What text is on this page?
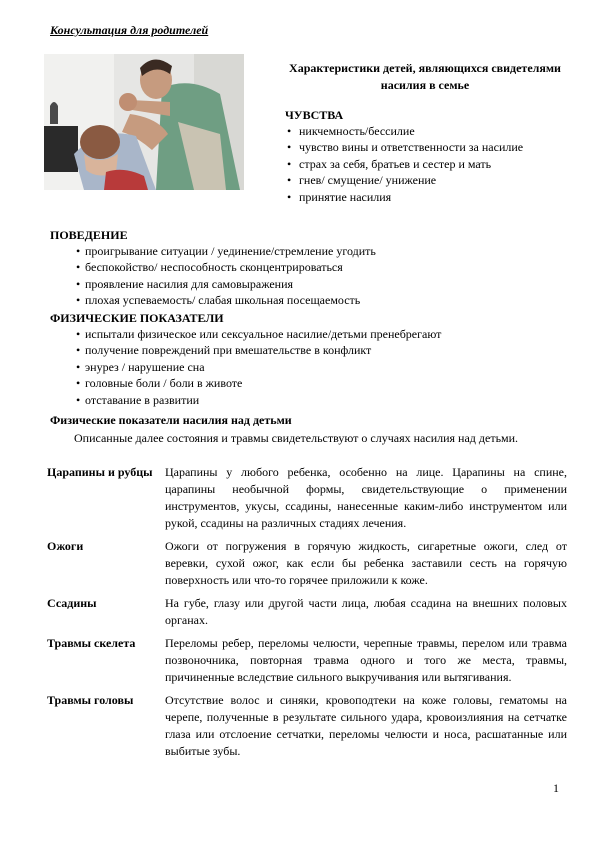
Консультация для родителей
Характеристики детей, являющихся свидетелями насилия в семье
ЧУВСТВА
• никчемность/бессилие
• чувство вины и ответственности за насилие
• страх за себя, братьев и сестер и мать
• гнев/ смущение/ унижение
• принятие насилия
ПОВЕДЕНИЕ
• проигрывание ситуации / уединение/стремление угодить
• беспокойство/ неспособность сконцентрироваться
• проявление насилия для самовыражения
• плохая успеваемость/ слабая школьная посещаемость
ФИЗИЧЕСКИЕ ПОКАЗАТЕЛИ
• испытали физическое или сексуальное насилие/детьми пренебрегают
• получение повреждений при вмешательстве в конфликт
• энурез / нарушение сна
• головные боли / боли в животе
• отставание в развитии
Физические показатели насилия над детьми
Описанные далее состояния и травмы свидетельствуют о случаях насилия над детьми.
Царапины и рубцы	Царапины у любого ребенка, особенно на лице. Царапины на спине, царапины необычной формы, свидетельствующие о применении инструментов, укусы, ссадины, нанесенные каким-либо инструментом или рукой, ссадины на различных стадиях лечения.
Ожоги	Ожоги от погружения в горячую жидкость, сигаретные ожоги, след от веревки, сухой ожог, как если бы ребенка заставили сесть на горячую поверхность или что-то горячее приложили к коже.
Ссадины	На губе, глазу или другой части лица, любая ссадина на внешних половых органах.
Травмы скелета	Переломы ребер, переломы челюсти, черепные травмы, перелом или травма позвоночника, повторная травма одного и того же места, травмы, причиненные вследствие сильного выкручивания или вытягивания.
Травмы головы	Отсутствие волос и синяки, кровоподтеки на коже головы, гематомы на черепе, полученные в результате сильного удара, кровоизлияния на сетчатке глаза или отслоение сетчатки, переломы челюсти и носа, расшатанные или выбитые зубы.
1
